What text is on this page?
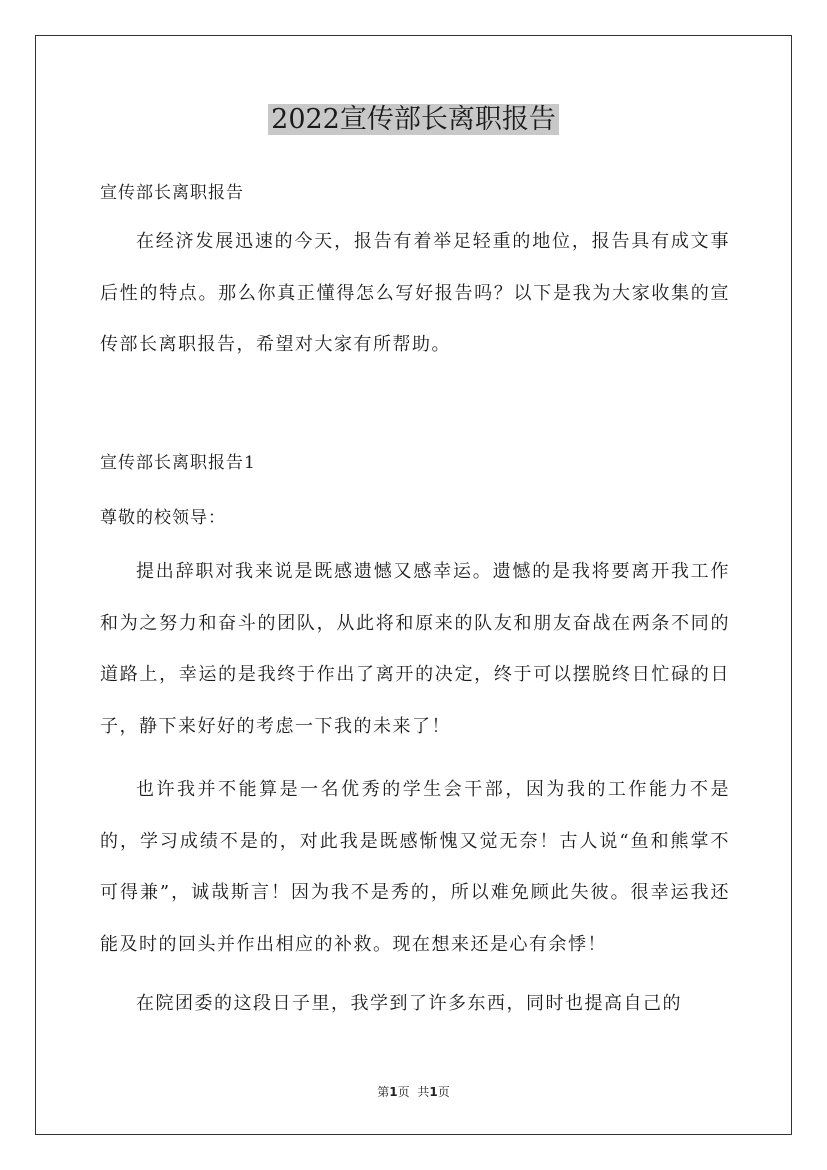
2022宣传部长离职报告
宣传部长离职报告

在经济发展迅速的今天，报告有着举足轻重的地位，报告具有成文事后性的特点。那么你真正懂得怎么写好报告吗？以下是我为大家收集的宣传部长离职报告，希望对大家有所帮助。

宣传部长离职报告1
尊敬的校领导：

提出辞职对我来说是既感遗憾又感幸运。遗憾的是我将要离开我工作和为之努力和奋斗的团队，从此将和原来的队友和朋友奋战在两条不同的道路上，幸运的是我终于作出了离开的决定，终于可以摆脱终日忙碌的日子，静下来好好的考虑一下我的未来了！

也许我并不能算是一名优秀的学生会干部，因为我的工作能力不是的，学习成绩不是的，对此我是既感惭愧又觉无奈！古人说“鱼和熊掌不可得兼”，诚哉斯言！因为我不是秀的，所以难免顾此失彼。很幸运我还能及时的回头并作出相应的补救。现在想来还是心有余悸！

在院团委的这段日子里，我学到了许多东西，同时也提高自己的

第1页 共1页
